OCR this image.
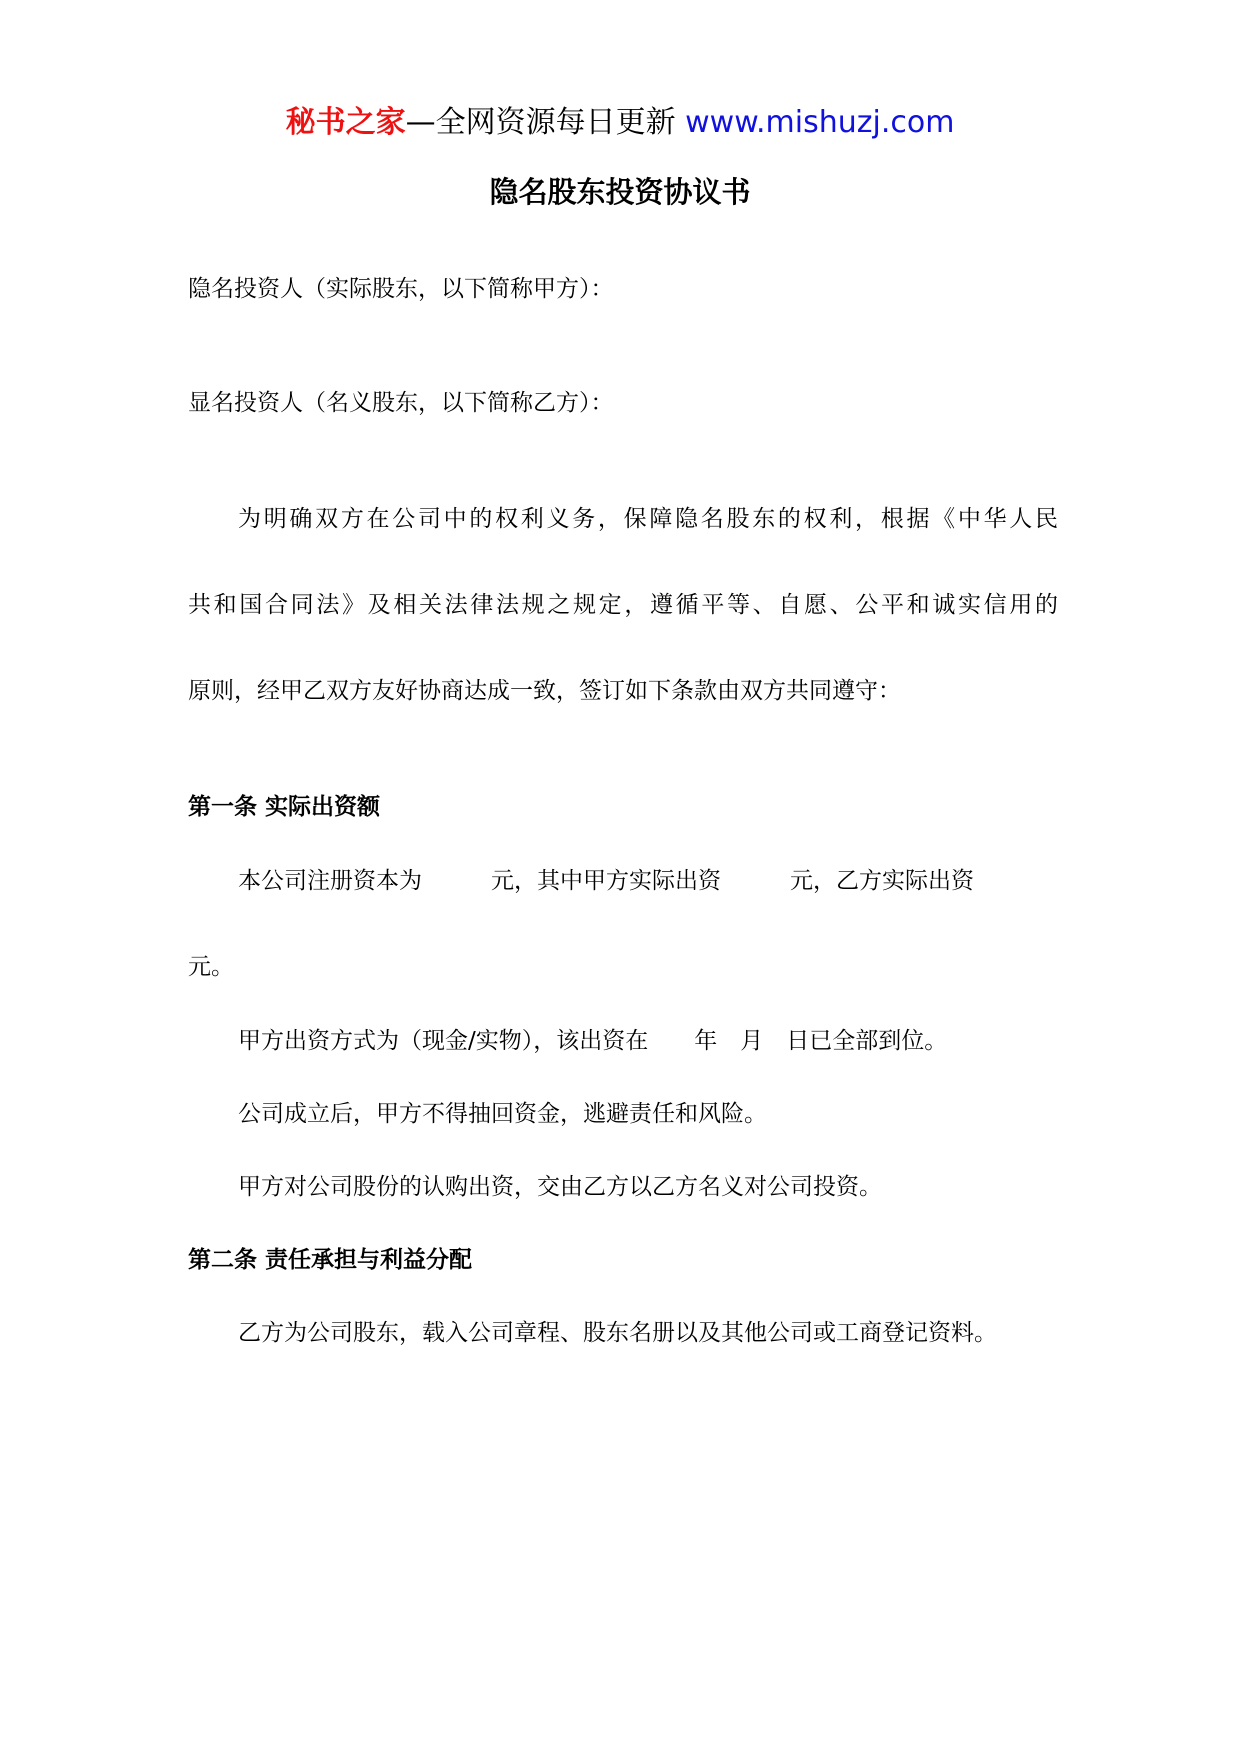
秘书之家—全网资源每日更新 www.mishuzj.com
隐名股东投资协议书
隐名投资人（实际股东，以下简称甲方）：
显名投资人（名义股东，以下简称乙方）：
为明确双方在公司中的权利义务，保障隐名股东的权利，根据《中华人民
共和国合同法》及相关法律法规之规定，遵循平等、自愿、公平和诚实信用的
原则，经甲乙双方友好协商达成一致，签订如下条款由双方共同遵守：
第一条 实际出资额
本公司注册资本为　　　元，其中甲方实际出资　　　元，乙方实际出资
元。
甲方出资方式为（现金/实物），该出资在　　年　月　日已全部到位。
公司成立后，甲方不得抽回资金，逃避责任和风险。
甲方对公司股份的认购出资，交由乙方以乙方名义对公司投资。
第二条 责任承担与利益分配
乙方为公司股东，载入公司章程、股东名册以及其他公司或工商登记资料。
